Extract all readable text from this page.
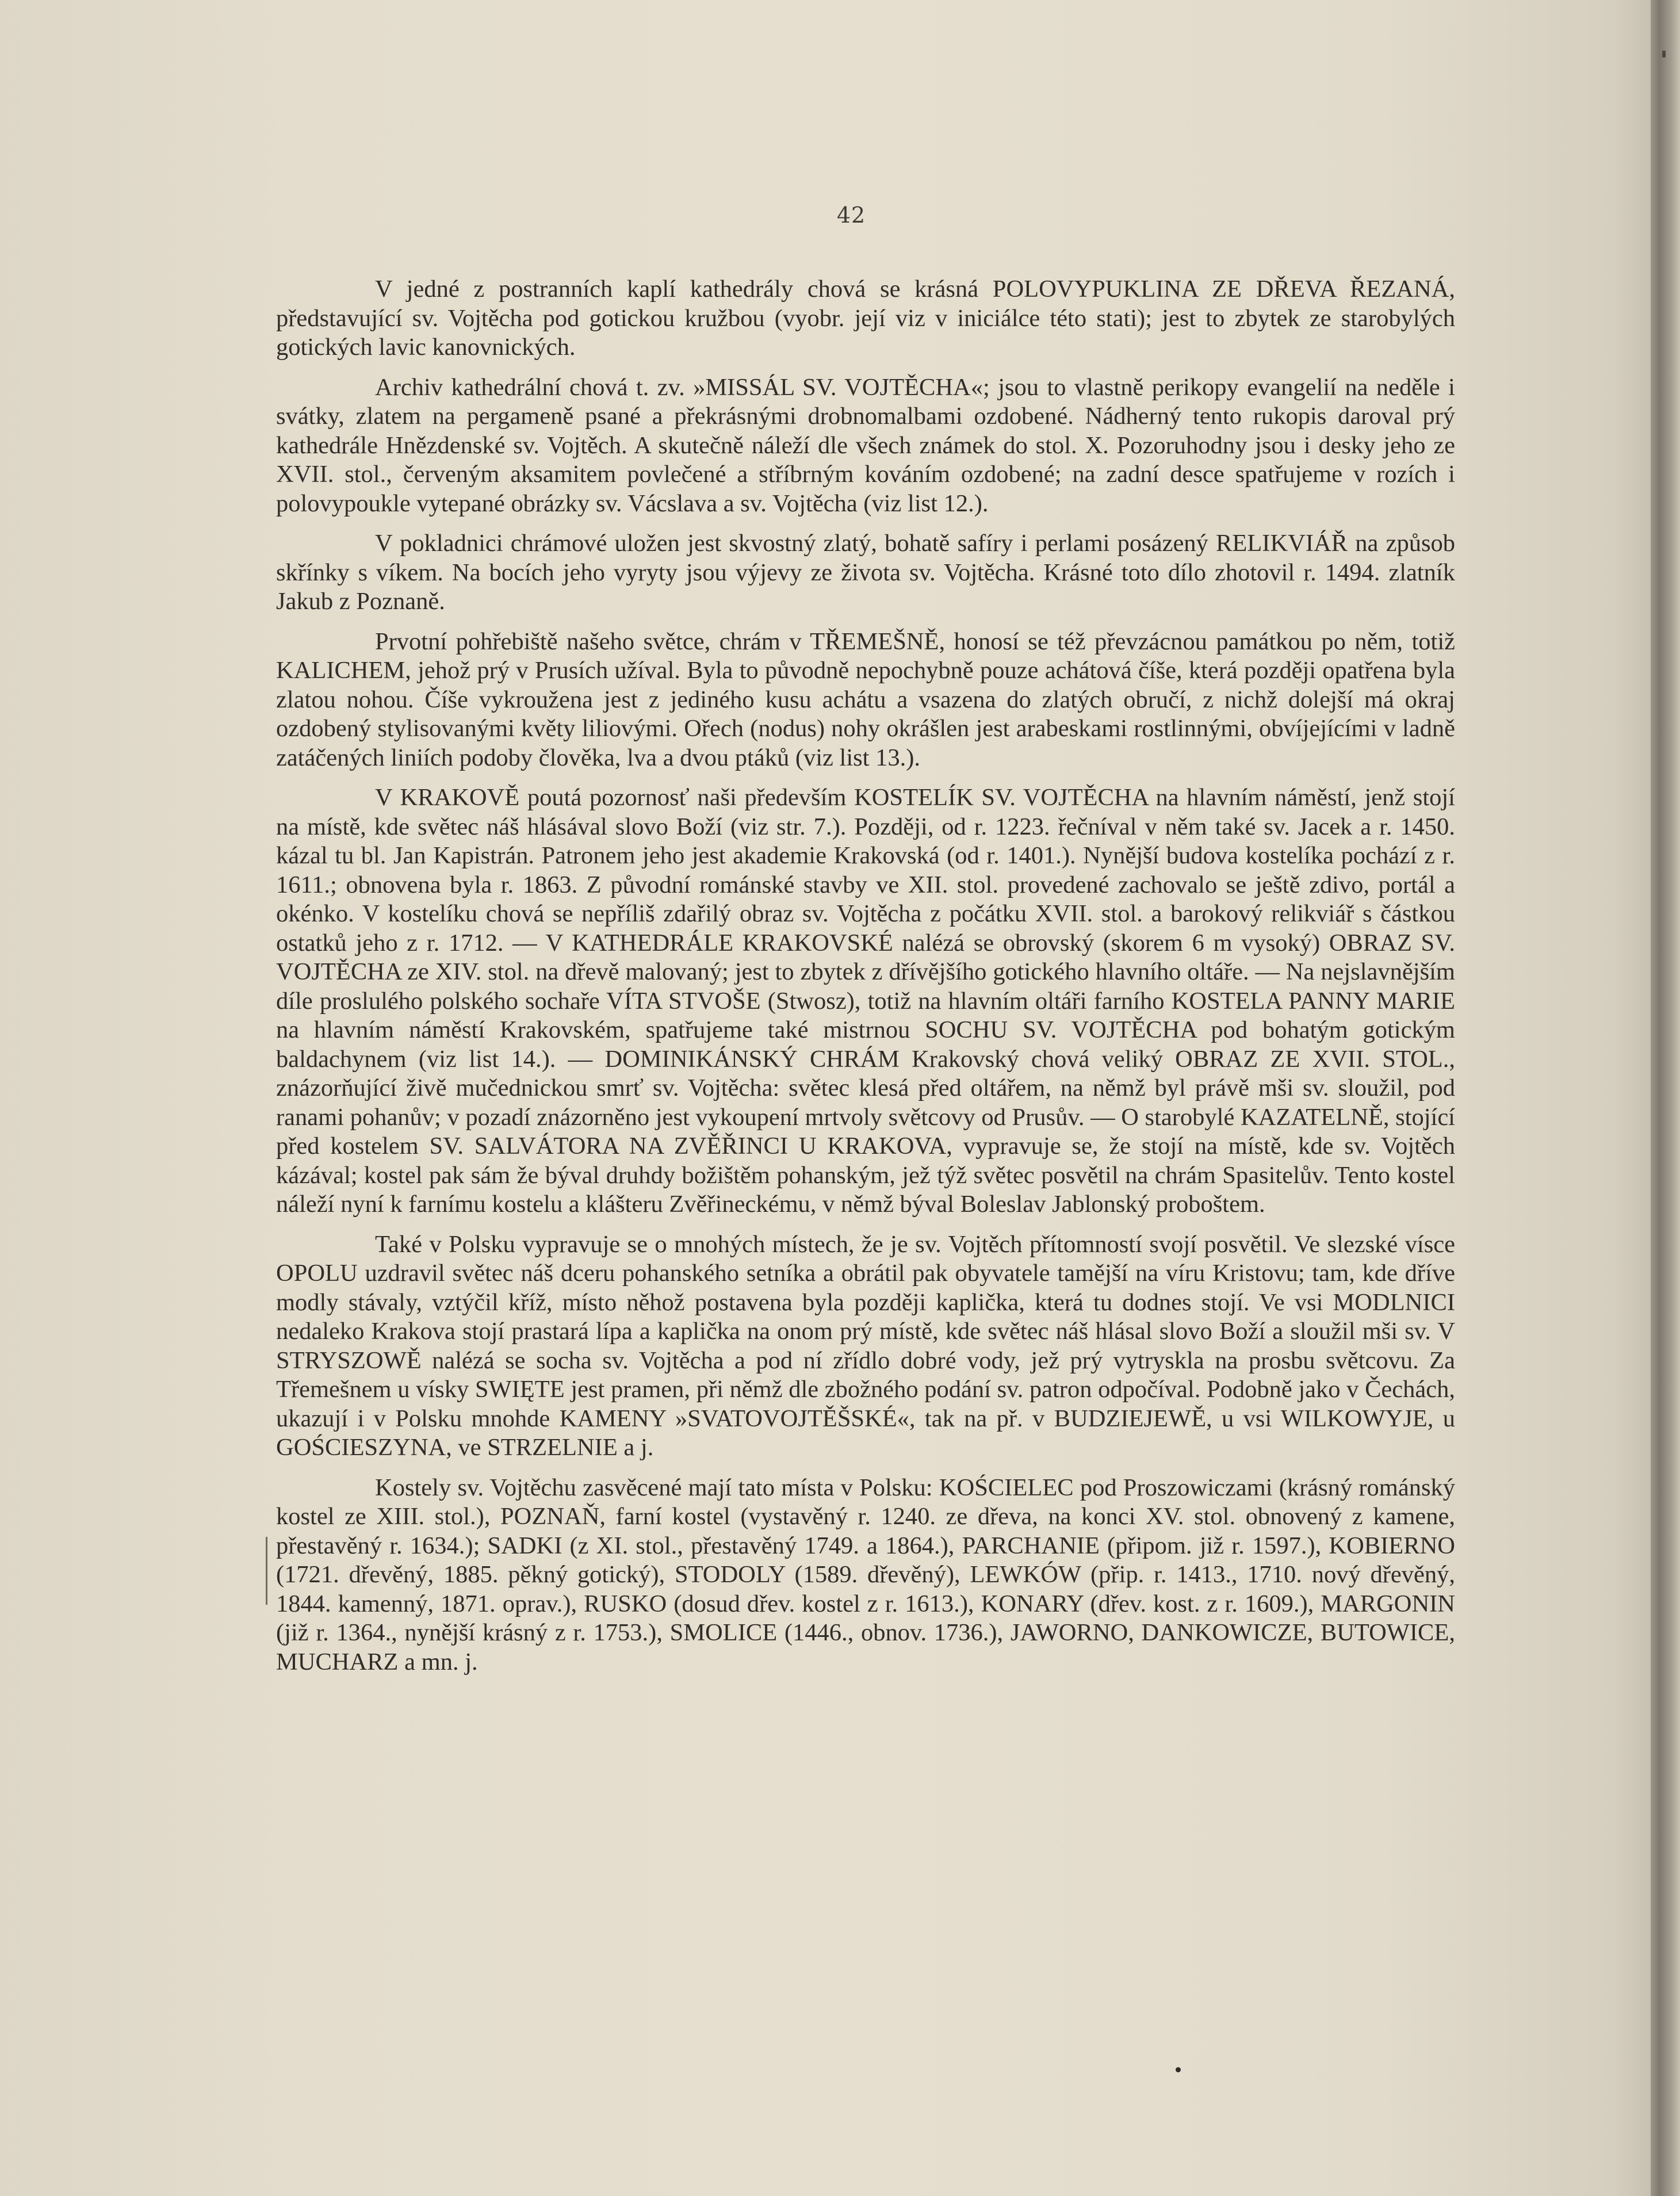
42

V jedné z postranních kaplí kathedrály chová se krásná POLOVYPUKLINA ZE DŘEVA ŘEZANÁ, představující sv. Vojtěcha pod gotickou kružbou (vyobr. její viz v iniciálce této stati); jest to zbytek ze starobylých gotických lavic kanovnických.

Archiv kathedrální chová t. zv. »MISSÁL SV. VOJTĚCHA«; jsou to vlastně perikopy evangelií na neděle i svátky, zlatem na pergameně psané a překrásnými drobnomalbami ozdobené. Nádherný tento rukopis daroval prý kathedrále Hnězdenské sv. Vojtěch. A skutečně náleží dle všech známek do stol. X. Pozoruhodny jsou i desky jeho ze XVII. stol., červeným aksamitem povlečené a stříbrným kováním ozdobené; na zadní desce spatřujeme v rozích i polovypoukle vytepané obrázky sv. Vácslava a sv. Vojtěcha (viz list 12.).

V pokladnici chrámové uložen jest skvostný zlatý, bohatě safíry i perlami posázený RELIKVIÁŘ na způsob skřínky s víkem. Na bocích jeho vyryty jsou výjevy ze života sv. Vojtěcha. Krásné toto dílo zhotovil r. 1494. zlatník Jakub z Poznaně.

Prvotní pohřebiště našeho světce, chrám v TŘEMEŠNĚ, honosí se též převzácnou památkou po něm, totiž KALICHEM, jehož prý v Prusích užíval. Byla to původně nepochybně pouze achátová číše, která později opatřena byla zlatou nohou. Číše vykroužena jest z jediného kusu achátu a vsazena do zlatých obručí, z nichž dolejší má okraj ozdobený stylisovanými květy liliovými. Ořech (nodus) nohy okrášlen jest arabeskami rostlinnými, obvíjejícími v ladně zatáčených liniích podoby člověka, lva a dvou ptáků (viz list 13.).

V KRAKOVĚ poutá pozornosť naši především KOSTELÍK SV. VOJTĚCHA na hlavním náměstí, jenž stojí na místě, kde světec náš hlásával slovo Boží (viz str. 7.). Později, od r. 1223. řečníval v něm také sv. Jacek a r. 1450. kázal tu bl. Jan Kapistrán. Patronem jeho jest akademie Krakovská (od r. 1401.). Nynější budova kostelíka pochází z r. 1611.; obnovena byla r. 1863. Z původní románské stavby ve XII. stol. provedené zachovalo se ještě zdivo, portál a okénko. V kostelíku chová se nepříliš zdařilý obraz sv. Vojtěcha z počátku XVII. stol. a barokový relikviář s částkou ostatků jeho z r. 1712. — V KATHEDRÁLE KRAKOVSKÉ nalézá se obrovský (skorem 6 m vysoký) OBRAZ SV. VOJTĚCHA ze XIV. stol. na dřevě malovaný; jest to zbytek z dřívějšího gotického hlavního oltáře. — Na nejslavnějším díle proslulého polského sochaře VÍTA STVOŠE (Stwosz), totiž na hlavním oltáři farního KOSTELA PANNY MARIE na hlavním náměstí Krakovském, spatřujeme také mistrnou SOCHU SV. VOJTĚCHA pod bohatým gotickým baldachynem (viz list 14.). — DOMINIKÁNSKÝ CHRÁM Krakovský chová veliký OBRAZ ZE XVII. STOL., znázorňující živě mučednickou smrť sv. Vojtěcha: světec klesá před oltářem, na němž byl právě mši sv. sloužil, pod ranami pohanův; v pozadí znázorněno jest vykoupení mrtvoly světcovy od Prusův. — O starobylé KAZATELNĚ, stojící před kostelem SV. SALVÁTORA NA ZVĚŘINCI U KRAKOVA, vypravuje se, že stojí na místě, kde sv. Vojtěch kázával; kostel pak sám že býval druhdy božištěm pohanským, jež týž světec posvětil na chrám Spasitelův. Tento kostel náleží nyní k farnímu kostelu a klášteru Zvěřineckému, v němž býval Boleslav Jablonský proboštem.

Také v Polsku vypravuje se o mnohých místech, že je sv. Vojtěch přítomností svojí posvětil. Ve slezské vísce OPOLU uzdravil světec náš dceru pohanského setníka a obrátil pak obyvatele tamější na víru Kristovu; tam, kde dříve modly stávaly, vztýčil kříž, místo něhož postavena byla později kaplička, která tu dodnes stojí. Ve vsi MODLNICI nedaleko Krakova stojí prastará lípa a kaplička na onom prý místě, kde světec náš hlásal slovo Boží a sloužil mši sv. V STRYSZOWĚ nalézá se socha sv. Vojtěcha a pod ní zřídlo dobré vody, jež prý vytryskla na prosbu světcovu. Za Třemešnem u vísky SWIĘTE jest pramen, při němž dle zbožného podání sv. patron odpočíval. Podobně jako v Čechách, ukazují i v Polsku mnohde KAMENY »SVATOVOJTĚŠSKÉ«, tak na př. v BUDZIEJEWĚ, u vsi WILKOWYJE, u GOŚCIESZYNA, ve STRZELNIE a j.

Kostely sv. Vojtěchu zasvěcené mají tato místa v Polsku: KOŚCIELEC pod Proszowiczami (krásný románský kostel ze XIII. stol.), POZNAŇ, farní kostel (vystavěný r. 1240. ze dřeva, na konci XV. stol. obnovený z kamene, přestavěný r. 1634.); SADKI (z XI. stol., přestavěný 1749. a 1864.), PARCHANIE (připom. již r. 1597.), KOBIERNO (1721. dřevěný, 1885. pěkný gotický), STODOLY (1589. dřevěný), LEWKÓW (přip. r. 1413., 1710. nový dřevěný, 1844. kamenný, 1871. oprav.), RUSKO (dosud dřev. kostel z r. 1613.), KONARY (dřev. kost. z r. 1609.), MARGONIN (již r. 1364., nynější krásný z r. 1753.), SMOLICE (1446., obnov. 1736.), JAWORNO, DANKOWICZE, BUTOWICE, MUCHARZ a mn. j.
